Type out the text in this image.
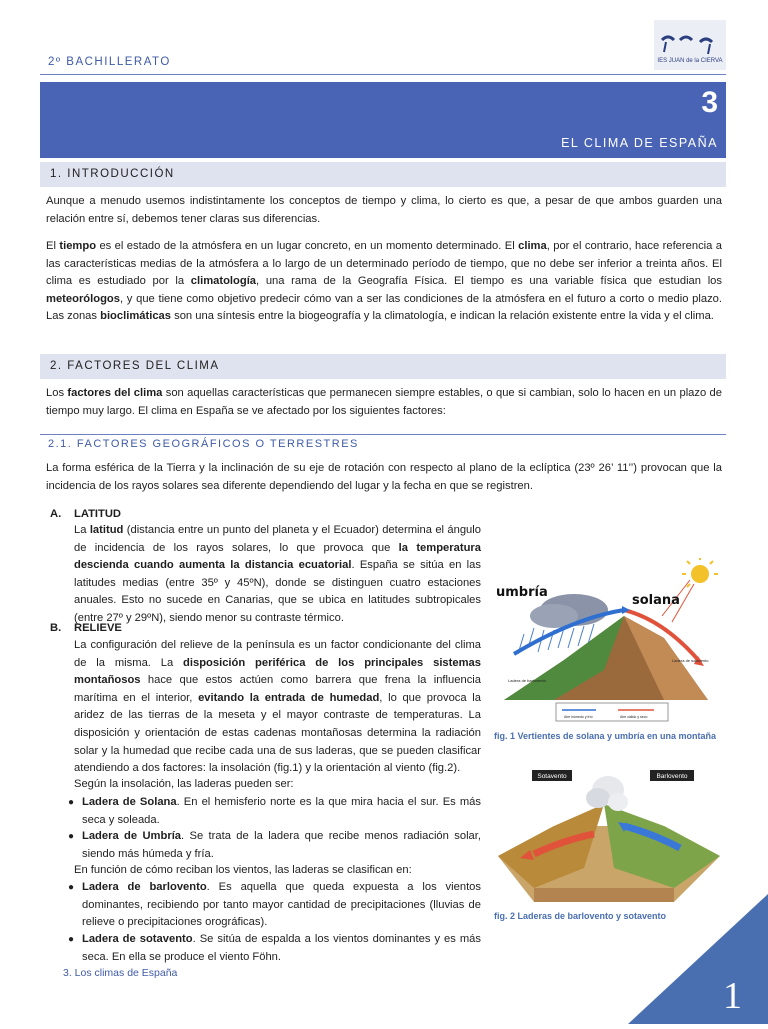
2º BACHILLERATO	IES JUAN de la CIERVA
3
EL CLIMA DE ESPAÑA
1. INTRODUCCIÓN

Aunque a menudo usemos indistintamente los conceptos de tiempo y clima, lo cierto es que, a pesar de que ambos guarden una relación entre sí, debemos tener claras sus diferencias.

El tiempo es el estado de la atmósfera en un lugar concreto, en un momento determinado. El clima, por el contrario, hace referencia a las características medias de la atmósfera a lo largo de un determinado período de tiempo, que no debe ser inferior a treinta años. El clima es estudiado por la climatología, una rama de la Geografía Física. El tiempo es una variable física que estudian los meteorólogos, y que tiene como objetivo predecir cómo van a ser las condiciones de la atmósfera en el futuro a corto o medio plazo. Las zonas bioclimáticas son una síntesis entre la biogeografía y la climatología, e indican la relación existente entre la vida y el clima.

2. FACTORES DEL CLIMA

Los factores del clima son aquellas características que permanecen siempre estables, o que si cambian, solo lo hacen en un plazo de tiempo muy largo. El clima en España se ve afectado por los siguientes factores:

2.1. FACTORES GEOGRÁFICOS O TERRESTRES

La forma esférica de la Tierra y la inclinación de su eje de rotación con respecto al plano de la eclíptica (23º 26’ 11’’) provocan que la incidencia de los rayos solares sea diferente dependiendo del lugar y la fecha en que se registren.

A. LATITUD

La latitud (distancia entre un punto del planeta y el Ecuador) determina el ángulo de incidencia de los rayos solares, lo que provoca que la temperatura descienda cuando aumenta la distancia ecuatorial. España se sitúa en las latitudes medias (entre 35º y 45ºN), donde se distinguen cuatro estaciones anuales. Esto no sucede en Canarias, que se ubica en latitudes subtropicales (entre 27º y 29ºN), siendo menor su contraste térmico.

B. RELIEVE

La configuración del relieve de la península es un factor condicionante del clima de la misma. La disposición periférica de los principales sistemas montañosos hace que estos actúen como barrera que frena la influencia marítima en el interior, evitando la entrada de humedad, lo que provoca la aridez de las tierras de la meseta y el mayor contraste de temperaturas. La disposición y orientación de estas cadenas montañosas determina la radiación solar y la humedad que recibe cada una de sus laderas, que se pueden clasificar atendiendo a dos factores: la insolación (fig.1) y la orientación al viento (fig.2).

Según la insolación, las laderas pueden ser:
● Ladera de Solana. En el hemisferio norte es la que mira hacia el sur. Es más seca y soleada.
● Ladera de Umbría. Se trata de la ladera que recibe menos radiación solar, siendo más húmeda y fría.
En función de cómo reciban los vientos, las laderas se clasifican en:
● Ladera de barlovento. Es aquella que queda expuesta a los vientos dominantes, recibiendo por tanto mayor cantidad de precipitaciones (lluvias de relieve o precipitaciones orográficas).
● Ladera de sotavento. Se sitúa de espalda a los vientos dominantes y es más seca. En ella se produce el viento Föhn.
umbría
solana
Ladera de sotavento
Ladera de barlovento
Aire húmedo y frío	Aire cálido y seco
fig. 1 Vertientes de solana y umbría en una montaña
Sotavento	Barlovento
fig. 2 Laderas de barlovento y sotavento
3. Los climas de España
1
